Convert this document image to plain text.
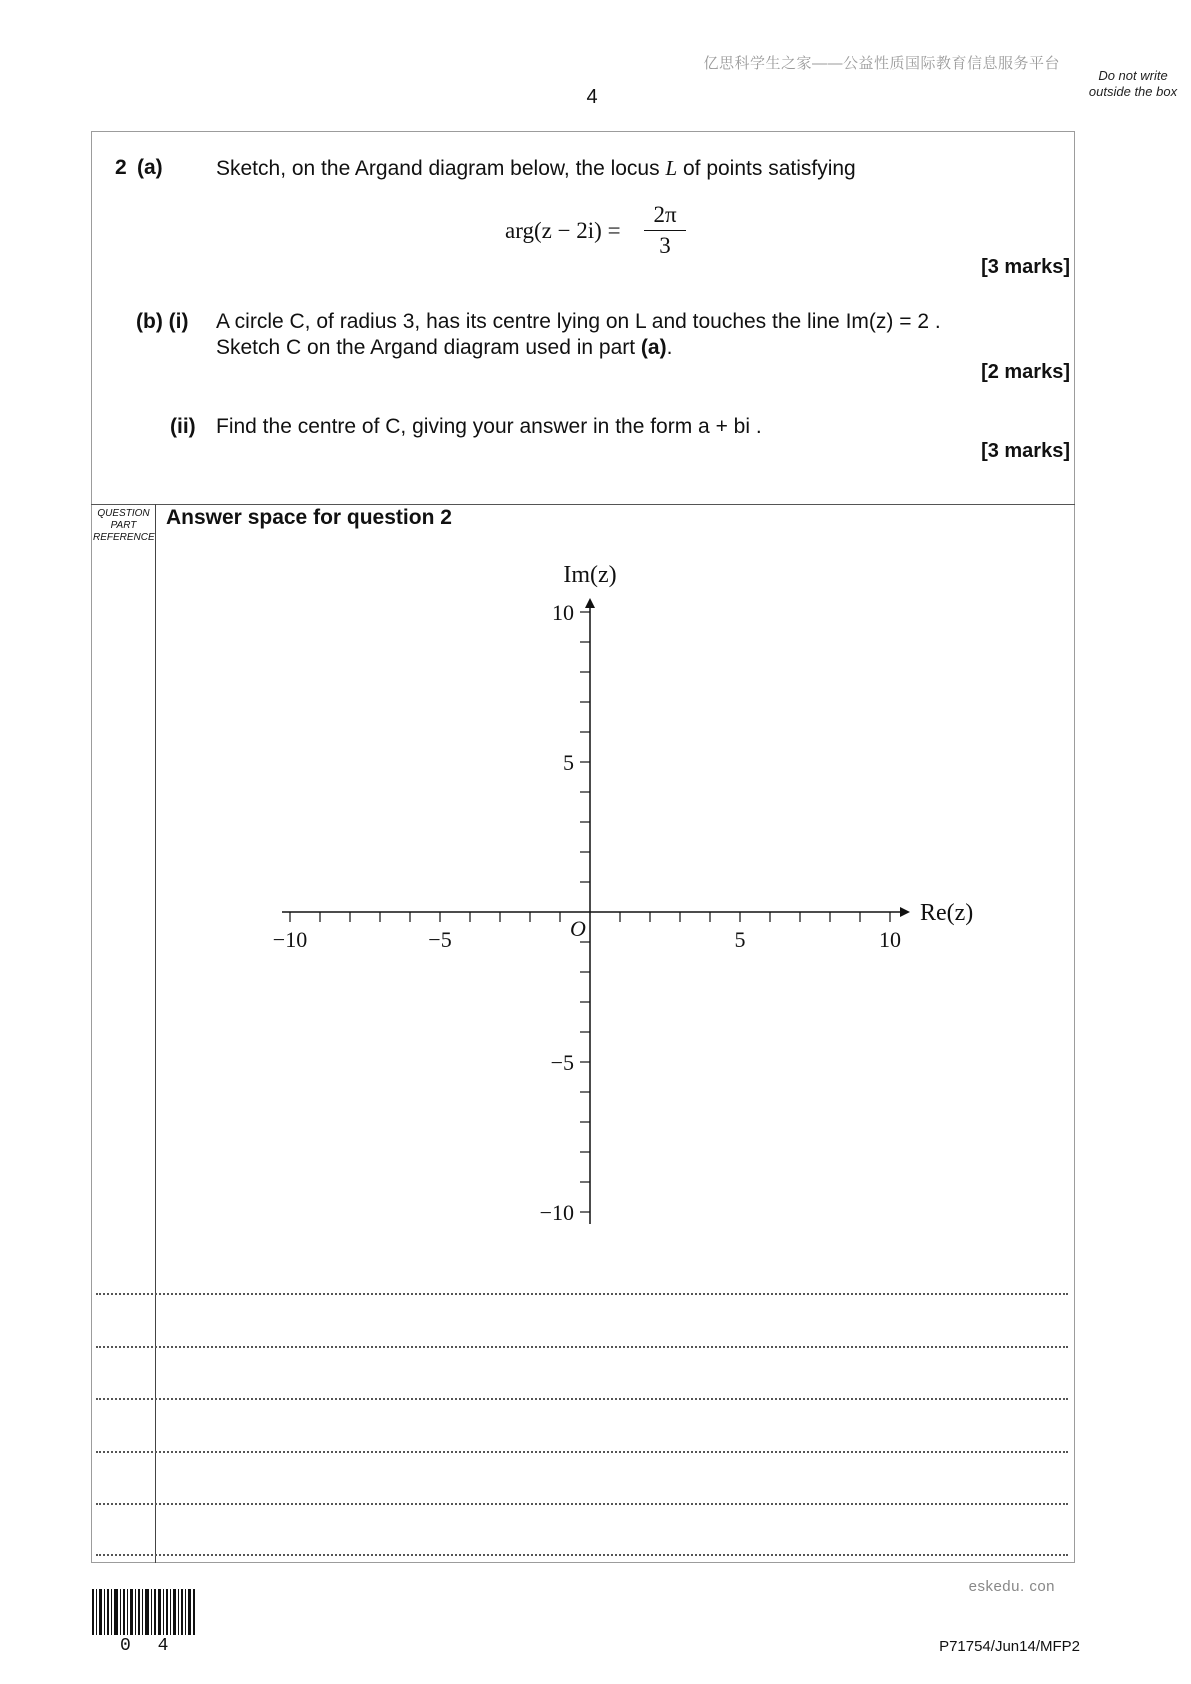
亿思科学生之家——公益性质国际教育信息服务平台
Do not write outside the box
4
2 (a)	Sketch, on the Argand diagram below, the locus L of points satisfying
arg(z − 2i) =
2π
3
[3 marks]
(b) (i) A circle C, of radius 3, has its centre lying on L and touches the line Im(z) = 2 .
Sketch C on the Argand diagram used in part (a).
[2 marks]
(ii) Find the centre of C, giving your answer in the form a + bi .
[3 marks]
QUESTION PART REFERENCE
Answer space for question 2
−10	−5	5	10
10
5
−5
−10
Re(z)
Im(z)
O
eskedu. con
0 4	P71754/Jun14/MFP2
